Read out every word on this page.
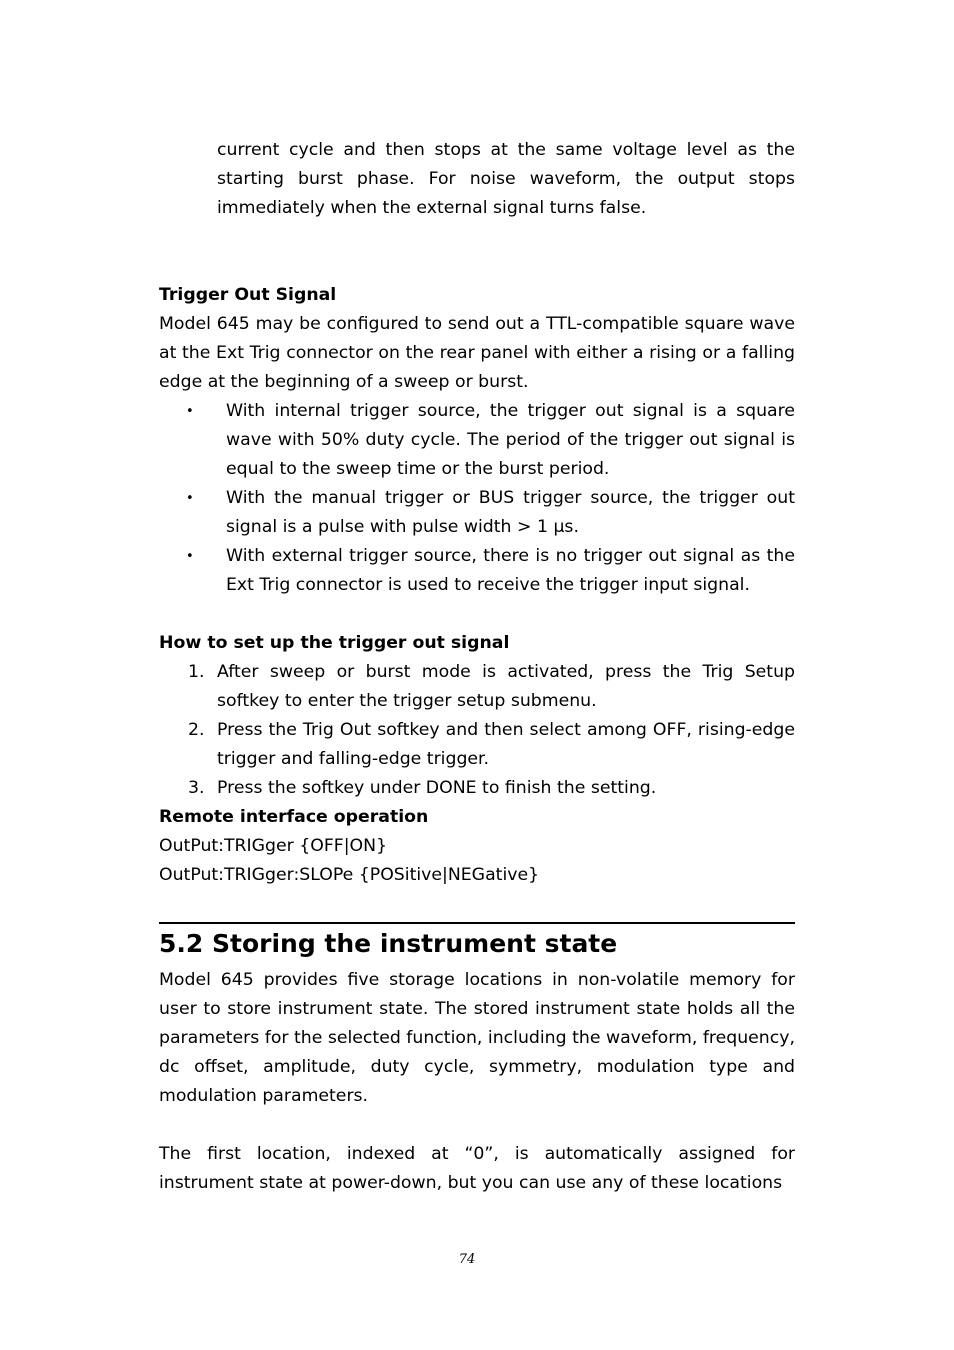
current cycle and then stops at the same voltage level as the starting burst phase. For noise waveform, the output stops immediately when the external signal turns false.

Trigger Out Signal

Model 645 may be configured to send out a TTL-compatible square wave at the Ext Trig connector on the rear panel with either a rising or a falling edge at the beginning of a sweep or burst.

• With internal trigger source, the trigger out signal is a square wave with 50% duty cycle. The period of the trigger out signal is equal to the sweep time or the burst period.
• With the manual trigger or BUS trigger source, the trigger out signal is a pulse with pulse width > 1 µs.
• With external trigger source, there is no trigger out signal as the Ext Trig connector is used to receive the trigger input signal.

How to set up the trigger out signal

1. After sweep or burst mode is activated, press the Trig Setup softkey to enter the trigger setup submenu.
2. Press the Trig Out softkey and then select among OFF, rising-edge trigger and falling-edge trigger.
3. Press the softkey under DONE to finish the setting.

Remote interface operation

OutPut:TRIGger {OFF|ON}

OutPut:TRIGger:SLOPe {POSitive|NEGative}

5.2 Storing the instrument state

Model 645 provides five storage locations in non-volatile memory for user to store instrument state. The stored instrument state holds all the parameters for the selected function, including the waveform, frequency, dc offset, amplitude, duty cycle, symmetry, modulation type and modulation parameters.

The first location, indexed at “0”, is automatically assigned for instrument state at power-down, but you can use any of these locations

74
